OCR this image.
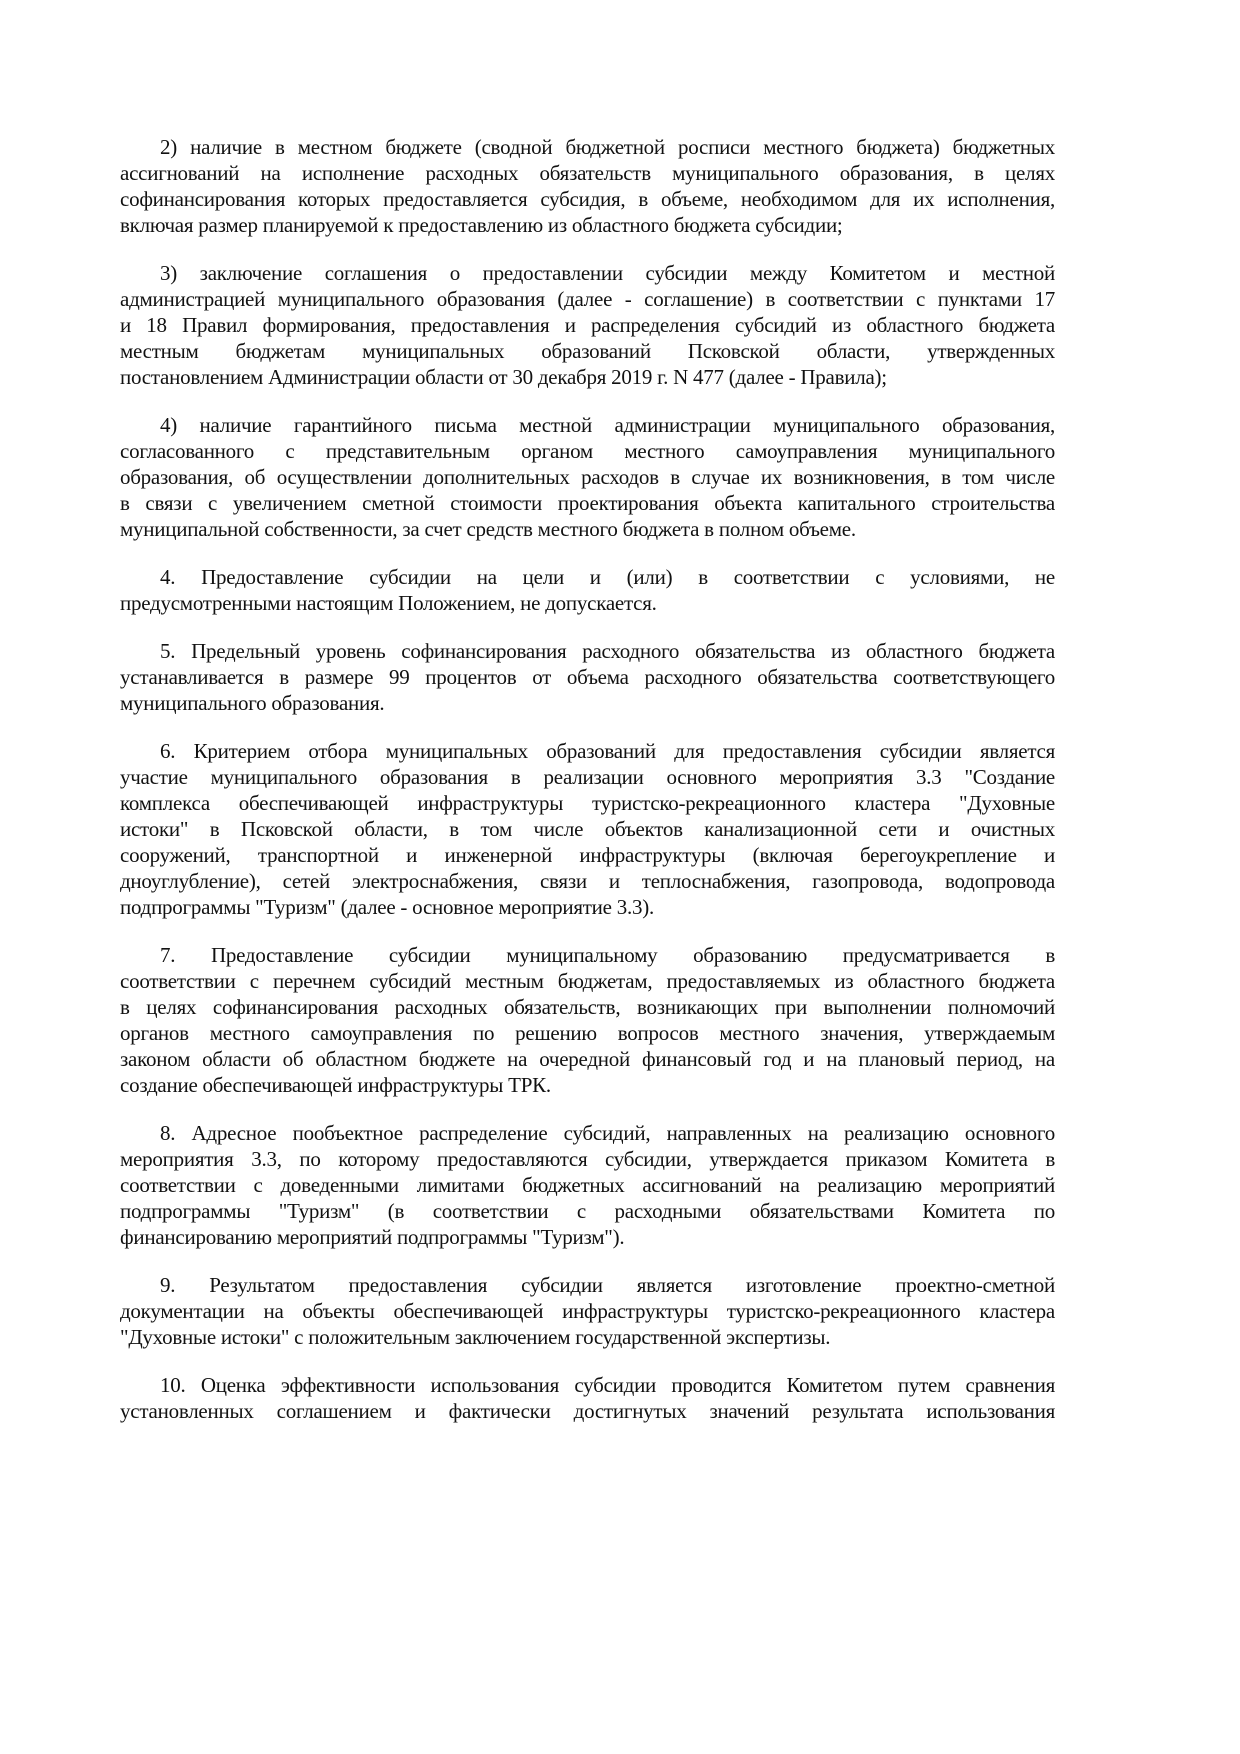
2) наличие в местном бюджете (сводной бюджетной росписи местного бюджета) бюджетных
ассигнований на исполнение расходных обязательств муниципального образования, в целях
софинансирования которых предоставляется субсидия, в объеме, необходимом для их исполнения,
включая размер планируемой к предоставлению из областного бюджета субсидии;
3) заключение соглашения о предоставлении субсидии между Комитетом и местной
администрацией муниципального образования (далее - соглашение) в соответствии с пунктами 17
и 18 Правил формирования, предоставления и распределения субсидий из областного бюджета
местным бюджетам муниципальных образований Псковской области, утвержденных
постановлением Администрации области от 30 декабря 2019 г. N 477 (далее - Правила);
4) наличие гарантийного письма местной администрации муниципального образования,
согласованного с представительным органом местного самоуправления муниципального
образования, об осуществлении дополнительных расходов в случае их возникновения, в том числе
в связи с увеличением сметной стоимости проектирования объекта капитального строительства
муниципальной собственности, за счет средств местного бюджета в полном объеме.
4. Предоставление субсидии на цели и (или) в соответствии с условиями, не
предусмотренными настоящим Положением, не допускается.
5. Предельный уровень софинансирования расходного обязательства из областного бюджета
устанавливается в размере 99 процентов от объема расходного обязательства соответствующего
муниципального образования.
6. Критерием отбора муниципальных образований для предоставления субсидии является
участие муниципального образования в реализации основного мероприятия 3.3 "Создание
комплекса обеспечивающей инфраструктуры туристско-рекреационного кластера "Духовные
истоки" в Псковской области, в том числе объектов канализационной сети и очистных
сооружений, транспортной и инженерной инфраструктуры (включая берегоукрепление и
дноуглубление), сетей электроснабжения, связи и теплоснабжения, газопровода, водопровода
подпрограммы "Туризм" (далее - основное мероприятие 3.3).
7. Предоставление субсидии муниципальному образованию предусматривается в
соответствии с перечнем субсидий местным бюджетам, предоставляемых из областного бюджета
в целях софинансирования расходных обязательств, возникающих при выполнении полномочий
органов местного самоуправления по решению вопросов местного значения, утверждаемым
законом области об областном бюджете на очередной финансовый год и на плановый период, на
создание обеспечивающей инфраструктуры ТРК.
8. Адресное пообъектное распределение субсидий, направленных на реализацию основного
мероприятия 3.3, по которому предоставляются субсидии, утверждается приказом Комитета в
соответствии с доведенными лимитами бюджетных ассигнований на реализацию мероприятий
подпрограммы "Туризм" (в соответствии с расходными обязательствами Комитета по
финансированию мероприятий подпрограммы "Туризм").
9. Результатом предоставления субсидии является изготовление проектно-сметной
документации на объекты обеспечивающей инфраструктуры туристско-рекреационного кластера
"Духовные истоки" с положительным заключением государственной экспертизы.
10. Оценка эффективности использования субсидии проводится Комитетом путем сравнения
установленных соглашением и фактически достигнутых значений результата использования
